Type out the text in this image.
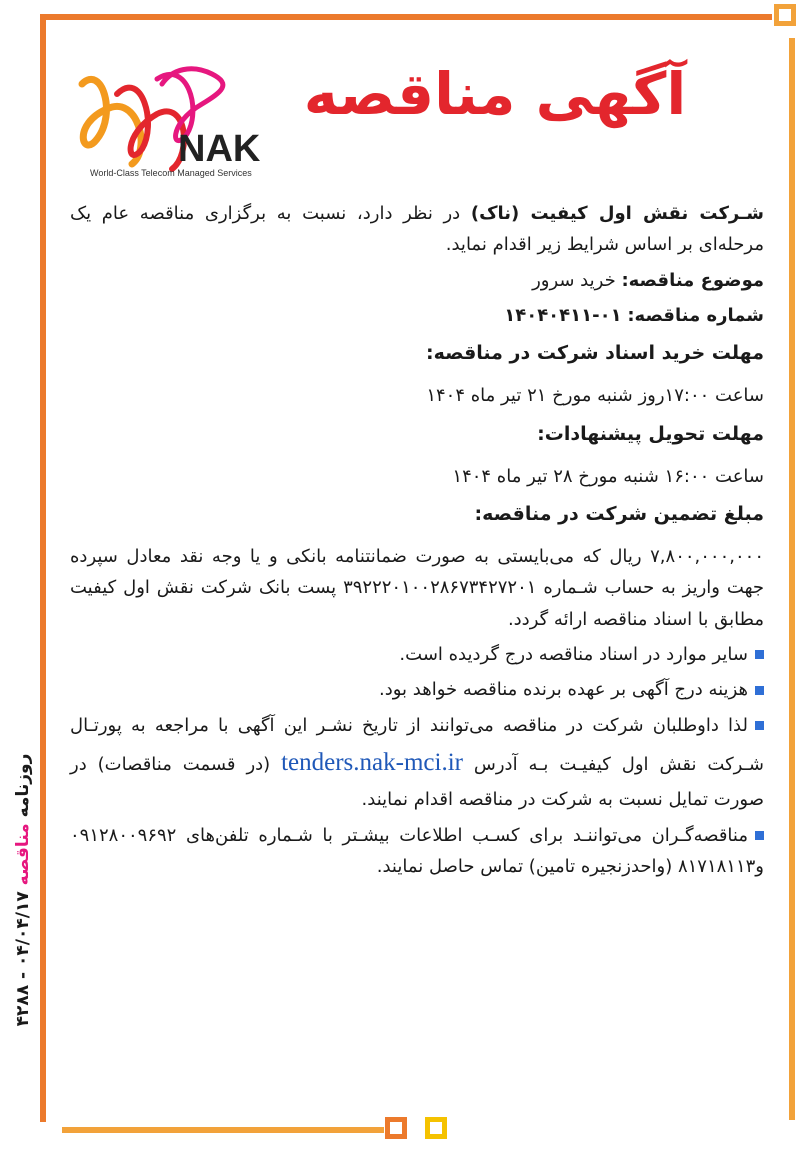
NAK
World-Class Telecom Managed Services
آگهی مناقصه
روزنامه مناقصه ۰۴/۰۴/۱۷ - ۴۲۸۸

شـرکت نقش اول کیفیت (ناک) در نظر دارد، نسبت به برگزاری مناقصه عام یک مرحله‌ای بر اساس شرایط زیر اقدام نماید.

موضوع مناقصه: خرید سرور

شماره مناقصه: ۰۱-۱۴۰۴۰۴۱۱

مهلت خرید اسناد شرکت در مناقصه:

ساعت ۱۷:۰۰روز شنبه مورخ ۲۱ تیر ماه ۱۴۰۴

مهلت تحویل پیشنهادات:

ساعت ۱۶:۰۰ شنبه مورخ ۲۸ تیر ماه ۱۴۰۴

مبلغ تضمین شرکت در مناقصه:

۷,۸۰۰,۰۰۰,۰۰۰ ریال که می‌بایستی به صورت ضمانتنامه بانکی و یا وجه نقد معادل سپرده جهت واریز به حساب شـماره ۳۹۲۲۲۰۱۰۰۲۸۶۷۳۴۲۷۲۰۱ پست بانک شرکت نقش اول کیفیت مطابق با اسناد مناقصه ارائه گردد.

سایر موارد در اسناد مناقصه درج گردیده است.

هزینه درج آگهی بر عهده برنده مناقصه خواهد بود.

لذا داوطلبان شرکت در مناقصه می‌توانند از تاریخ نشـر این آگهی با مراجعه به پورتـال شـرکت نقش اول کیفیـت بـه آدرس tenders.nak-mci.ir (در قسمت مناقصات) در صورت تمایل نسبت به شرکت در مناقصه اقدام نمایند.

مناقصه‌گـران می‌تواننـد برای کسـب اطلاعات بیشـتر با شـماره تلفن‌های ۰۹۱۲۸۰۰۹۶۹۲ و۸۱۷۱۸۱۱۳ (واحدزنجیره تامین) تماس حاصل نمایند.
